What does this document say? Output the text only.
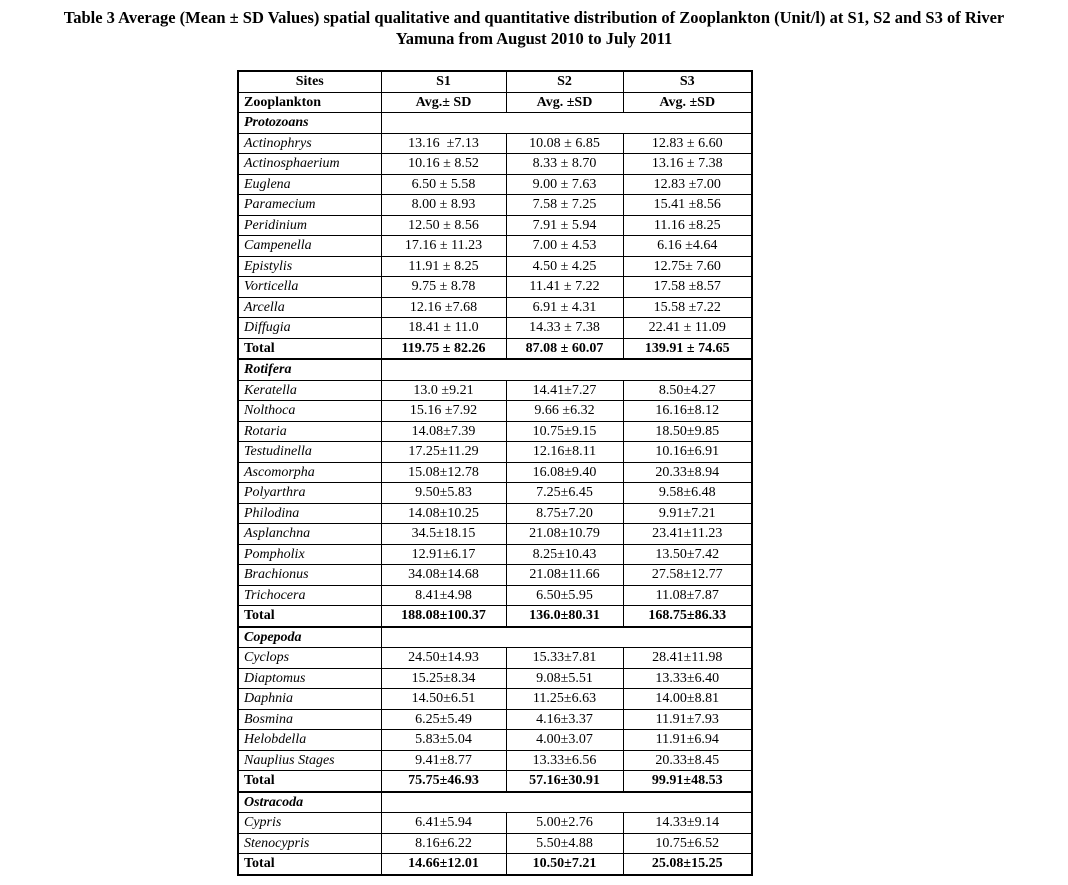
Table 3 Average (Mean ± SD Values) spatial qualitative and quantitative distribution of Zooplankton (Unit/l) at S1, S2 and S3 of River
Yamuna from August 2010 to July 2011
Sites	S1	S2	S3
Zooplankton	Avg.± SD	Avg. ±SD	Avg. ±SD
Protozoans			
Actinophrys	13.16  ±7.13	10.08 ± 6.85	12.83 ± 6.60
Actinosphaerium	10.16 ± 8.52	8.33 ± 8.70	13.16 ± 7.38
Euglena	6.50 ± 5.58	9.00 ± 7.63	12.83 ±7.00
Paramecium	8.00 ± 8.93	7.58 ± 7.25	15.41 ±8.56
Peridinium	12.50 ± 8.56	7.91 ± 5.94	11.16 ±8.25
Campenella	17.16 ± 11.23	7.00 ± 4.53	6.16 ±4.64
Epistylis	11.91 ± 8.25	4.50 ± 4.25	12.75± 7.60
Vorticella	9.75 ± 8.78	11.41 ± 7.22	17.58 ±8.57
Arcella	12.16 ±7.68	6.91 ± 4.31	15.58 ±7.22
Diffugia	18.41 ± 11.0	14.33 ± 7.38	22.41 ± 11.09
Total	119.75 ± 82.26	87.08 ± 60.07	139.91 ± 74.65
Rotifera			
Keratella	13.0 ±9.21	14.41±7.27	8.50±4.27
Nolthoca	15.16 ±7.92	9.66 ±6.32	16.16±8.12
Rotaria	14.08±7.39	10.75±9.15	18.50±9.85
Testudinella	17.25±11.29	12.16±8.11	10.16±6.91
Ascomorpha	15.08±12.78	16.08±9.40	20.33±8.94
Polyarthra	9.50±5.83	7.25±6.45	9.58±6.48
Philodina	14.08±10.25	8.75±7.20	9.91±7.21
Asplanchna	34.5±18.15	21.08±10.79	23.41±11.23
Pompholix	12.91±6.17	8.25±10.43	13.50±7.42
Brachionus	34.08±14.68	21.08±11.66	27.58±12.77
Trichocera	8.41±4.98	6.50±5.95	11.08±7.87
Total	188.08±100.37	136.0±80.31	168.75±86.33
Copepoda			
Cyclops	24.50±14.93	15.33±7.81	28.41±11.98
Diaptomus	15.25±8.34	9.08±5.51	13.33±6.40
Daphnia	14.50±6.51	11.25±6.63	14.00±8.81
Bosmina	6.25±5.49	4.16±3.37	11.91±7.93
Helobdella	5.83±5.04	4.00±3.07	11.91±6.94
Nauplius Stages	9.41±8.77	13.33±6.56	20.33±8.45
Total	75.75±46.93	57.16±30.91	99.91±48.53
Ostracoda			
Cypris	6.41±5.94	5.00±2.76	14.33±9.14
Stenocypris	8.16±6.22	5.50±4.88	10.75±6.52
Total	14.66±12.01	10.50±7.21	25.08±15.25
